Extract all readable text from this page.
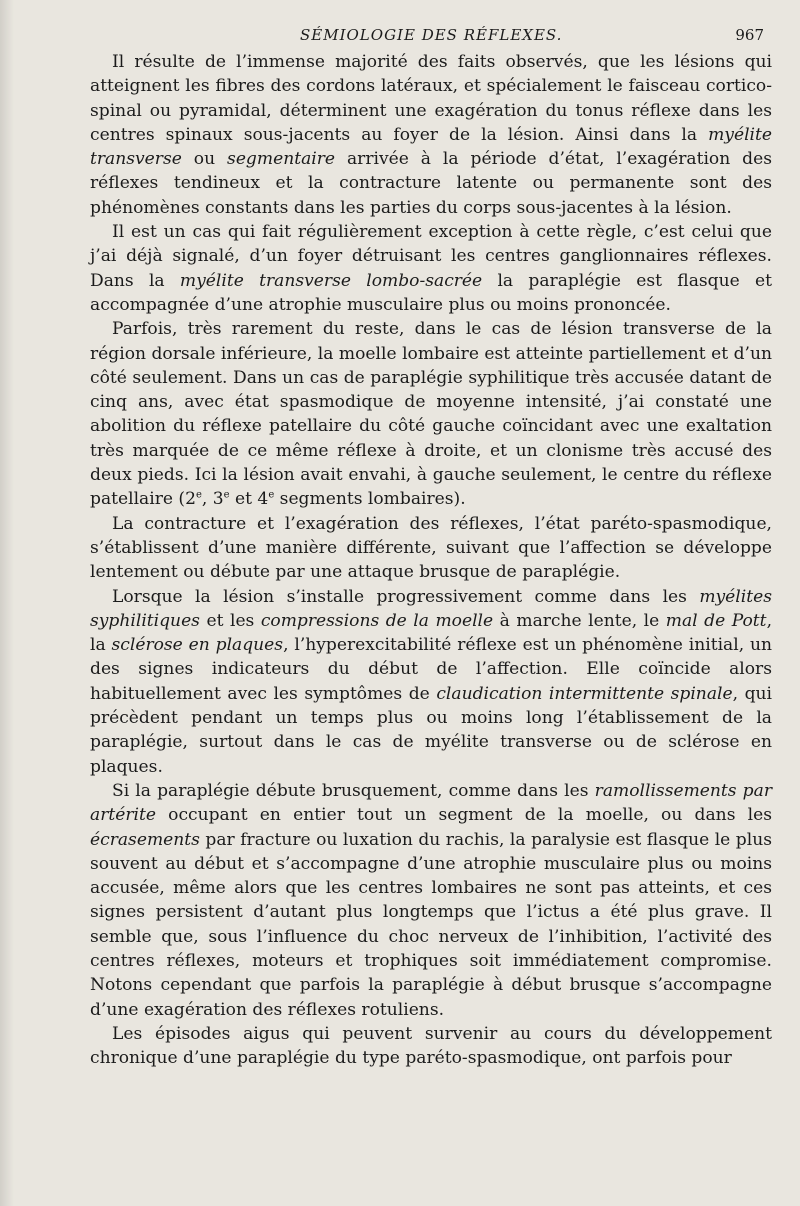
SÉMIOLOGIE DES RÉFLEXES.	967

Il résulte de l’immense majorité des faits observés, que les lésions qui atteignent les fibres des cordons latéraux, et spécialement le faisceau cortico-spinal ou pyramidal, déterminent une exagération du tonus réflexe dans les centres spinaux sous-jacents au foyer de la lésion. Ainsi dans la myélite transverse ou segmentaire arrivée à la période d’état, l’exagération des réflexes tendineux et la contracture latente ou permanente sont des phénomènes constants dans les parties du corps sous-jacentes à la lésion.

Il est un cas qui fait régulièrement exception à cette règle, c’est celui que j’ai déjà signalé, d’un foyer détruisant les centres ganglionnaires réflexes. Dans la myélite transverse lombo-sacrée la paraplégie est flasque et accompagnée d’une atrophie musculaire plus ou moins prononcée.

Parfois, très rarement du reste, dans le cas de lésion transverse de la région dorsale inférieure, la moelle lombaire est atteinte partiellement et d’un côté seulement. Dans un cas de paraplégie syphilitique très accusée datant de cinq ans, avec état spasmodique de moyenne intensité, j’ai constaté une abolition du réflexe patellaire du côté gauche coïncidant avec une exaltation très marquée de ce même réflexe à droite, et un clonisme très accusé des deux pieds. Ici la lésion avait envahi, à gauche seulement, le centre du réflexe patellaire (2e, 3e et 4e segments lombaires).

La contracture et l’exagération des réflexes, l’état paréto-spasmodique, s’établissent d’une manière différente, suivant que l’affection se développe lentement ou débute par une attaque brusque de paraplégie.

Lorsque la lésion s’installe progressivement comme dans les myélites syphilitiques et les compressions de la moelle à marche lente, le mal de Pott, la sclérose en plaques, l’hyperexcitabilité réflexe est un phénomène initial, un des signes indicateurs du début de l’affection. Elle coïncide alors habituellement avec les symptômes de claudication intermittente spinale, qui précèdent pendant un temps plus ou moins long l’établissement de la paraplégie, surtout dans le cas de myélite transverse ou de sclérose en plaques.

Si la paraplégie débute brusquement, comme dans les ramollissements par artérite occupant en entier tout un segment de la moelle, ou dans les écrasements par fracture ou luxation du rachis, la paralysie est flasque le plus souvent au début et s’accompagne d’une atrophie musculaire plus ou moins accusée, même alors que les centres lombaires ne sont pas atteints, et ces signes persistent d’autant plus longtemps que l’ictus a été plus grave. Il semble que, sous l’influence du choc nerveux de l’inhibition, l’activité des centres réflexes, moteurs et trophiques soit immédiatement compromise. Notons cependant que parfois la paraplégie à début brusque s’accompagne d’une exagération des réflexes rotuliens.

Les épisodes aigus qui peuvent survenir au cours du développement chronique d’une paraplégie du type paréto-spasmodique, ont parfois pour
